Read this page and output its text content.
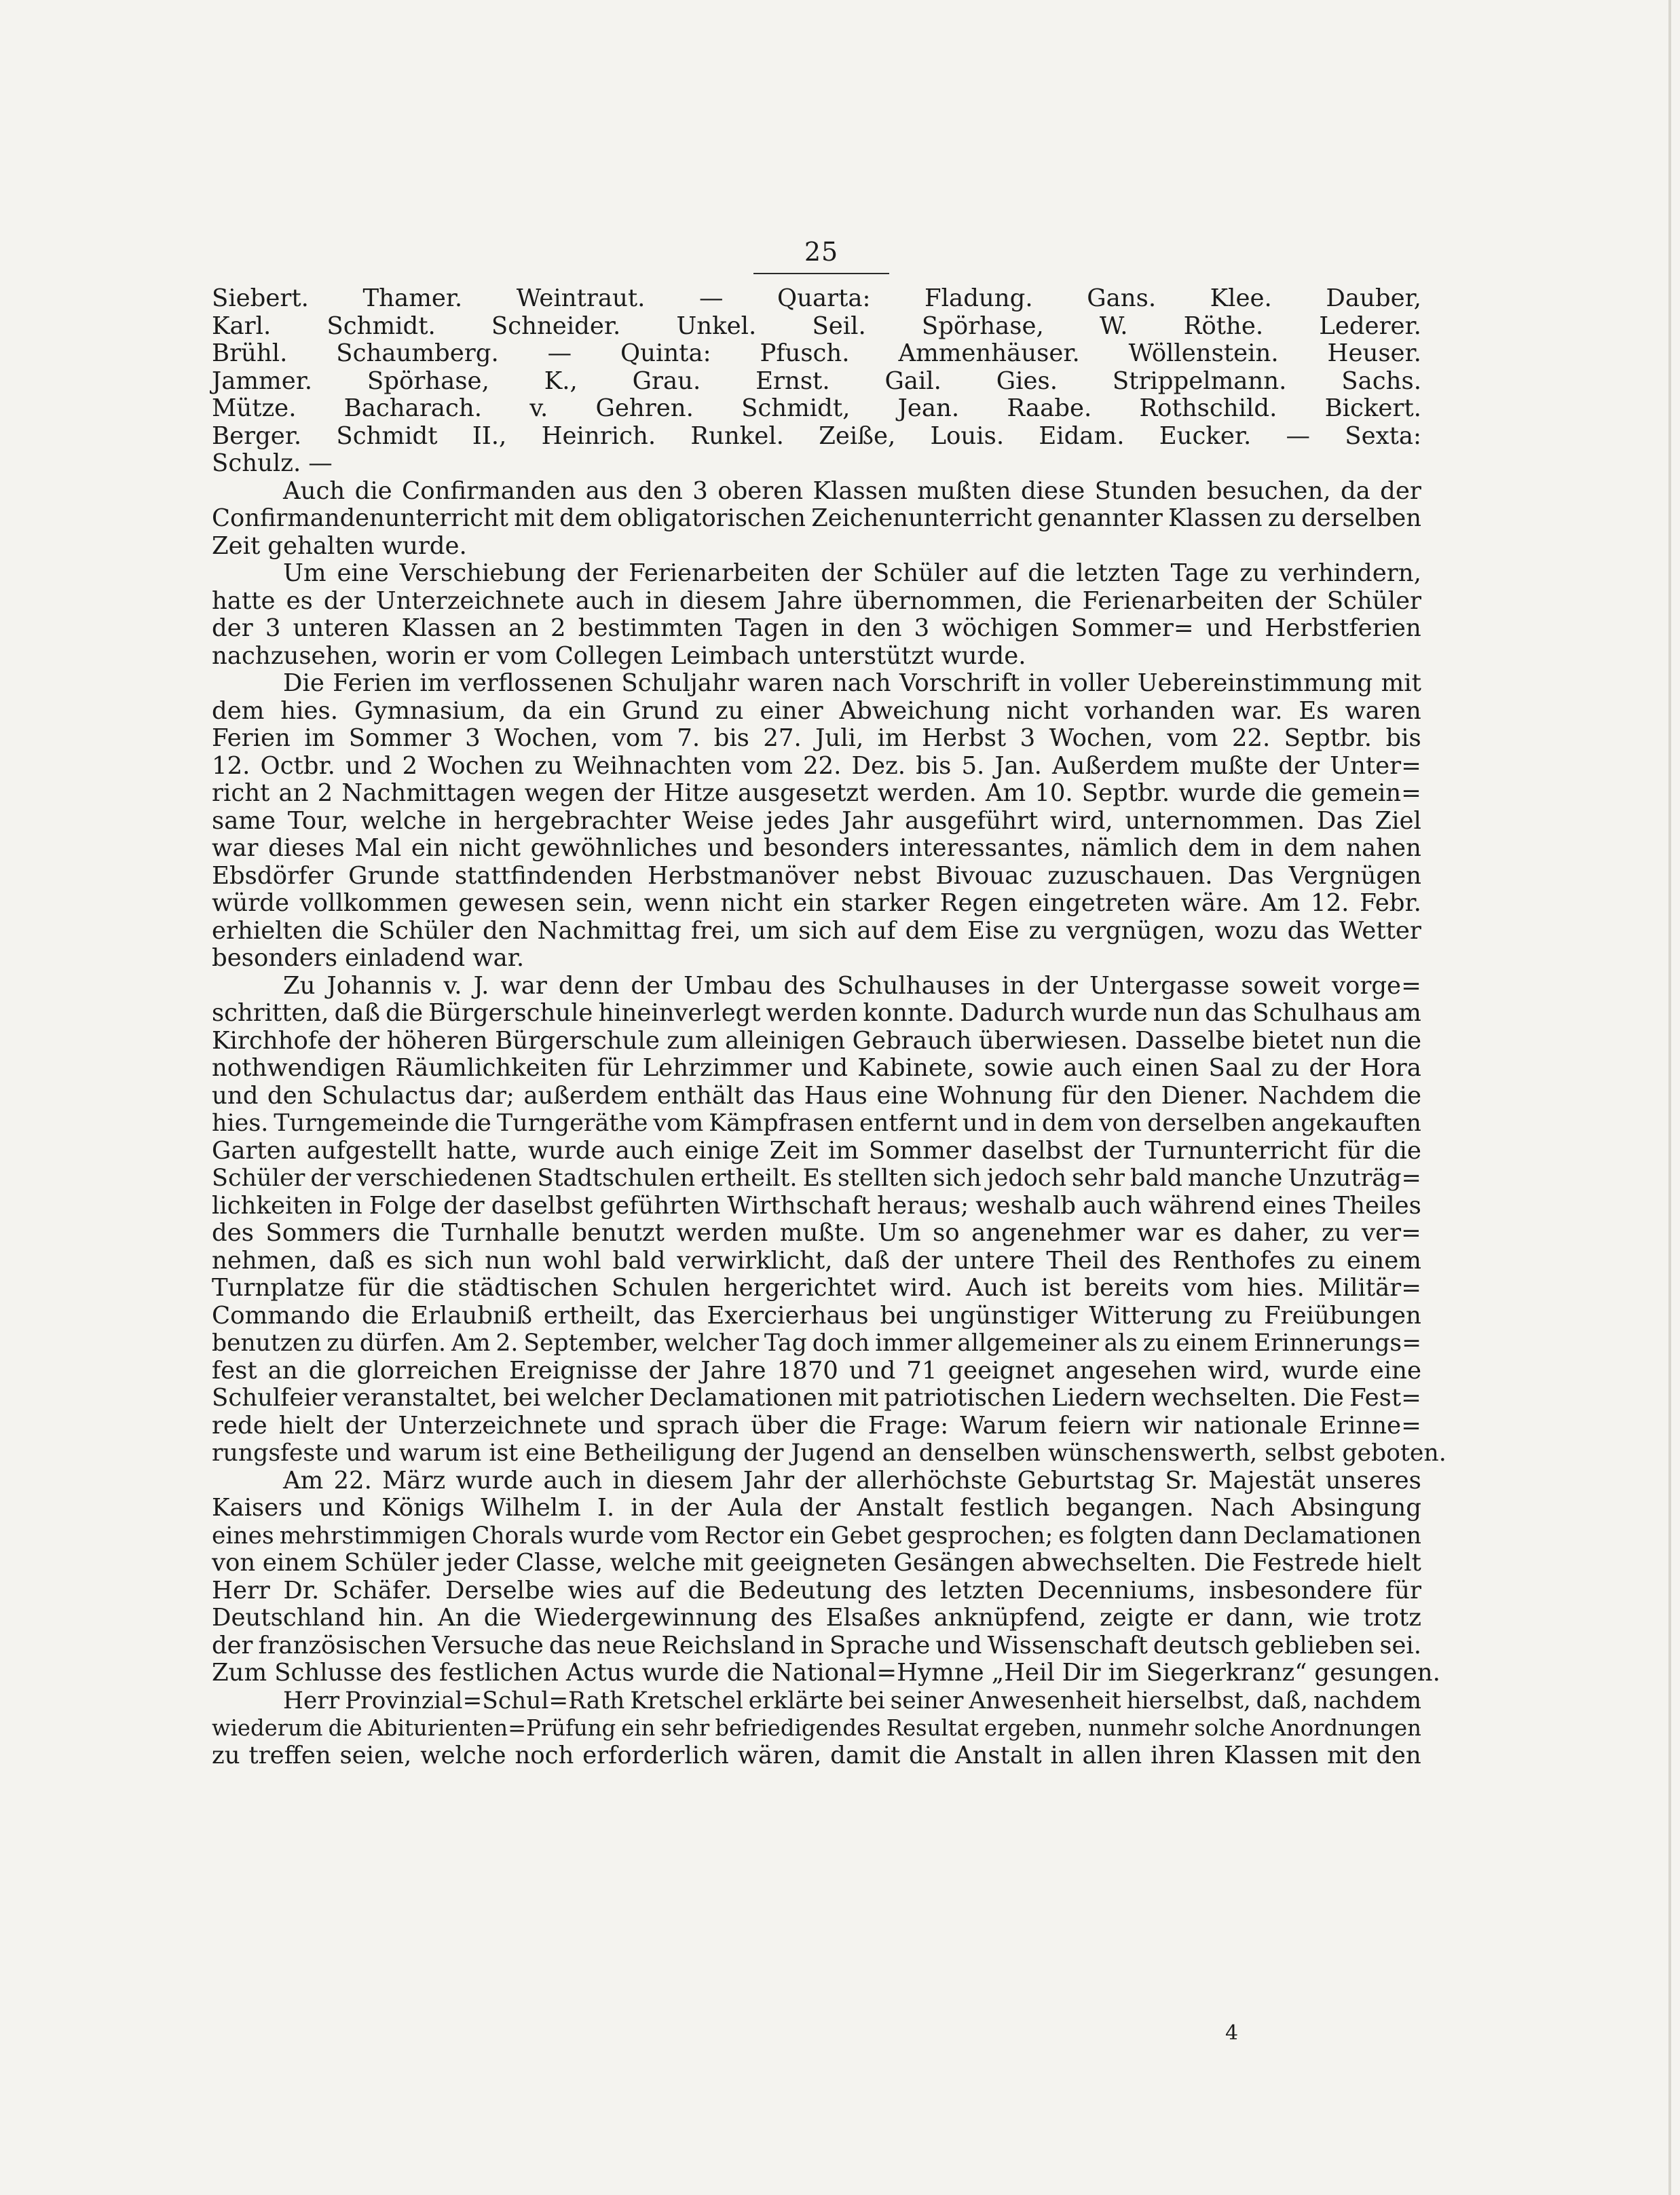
25
Siebert. Thamer. Weintraut. — Quarta: Fladung. Gans. Klee. Dauber,
Karl. Schmidt. Schneider. Unkel. Seil. Spörhase, W. Röthe. Lederer.
Brühl. Schaumberg. — Quinta: Pfusch. Ammenhäuser. Wöllenstein. Heuser.
Jammer. Spörhase, K., Grau. Ernst. Gail. Gies. Strippelmann. Sachs.
Mütze. Bacharach. v. Gehren. Schmidt, Jean. Raabe. Rothschild. Bickert.
Berger. Schmidt II., Heinrich. Runkel. Zeiße, Louis. Eidam. Eucker. — Sexta:
Schulz. —
Auch die Confirmanden aus den 3 oberen Klassen mußten diese Stunden besuchen, da der
Confirmandenunterricht mit dem obligatorischen Zeichenunterricht genannter Klassen zu derselben
Zeit gehalten wurde.
Um eine Verschiebung der Ferienarbeiten der Schüler auf die letzten Tage zu verhindern,
hatte es der Unterzeichnete auch in diesem Jahre übernommen, die Ferienarbeiten der Schüler
der 3 unteren Klassen an 2 bestimmten Tagen in den 3 wöchigen Sommer= und Herbstferien
nachzusehen, worin er vom Collegen Leimbach unterstützt wurde.
Die Ferien im verflossenen Schuljahr waren nach Vorschrift in voller Uebereinstimmung mit
dem hies. Gymnasium, da ein Grund zu einer Abweichung nicht vorhanden war. Es waren
Ferien im Sommer 3 Wochen, vom 7. bis 27. Juli, im Herbst 3 Wochen, vom 22. Septbr. bis
12. Octbr. und 2 Wochen zu Weihnachten vom 22. Dez. bis 5. Jan. Außerdem mußte der Unter=
richt an 2 Nachmittagen wegen der Hitze ausgesetzt werden. Am 10. Septbr. wurde die gemein=
same Tour, welche in hergebrachter Weise jedes Jahr ausgeführt wird, unternommen. Das Ziel
war dieses Mal ein nicht gewöhnliches und besonders interessantes, nämlich dem in dem nahen
Ebsdörfer Grunde stattfindenden Herbstmanöver nebst Bivouac zuzuschauen. Das Vergnügen
würde vollkommen gewesen sein, wenn nicht ein starker Regen eingetreten wäre. Am 12. Febr.
erhielten die Schüler den Nachmittag frei, um sich auf dem Eise zu vergnügen, wozu das Wetter
besonders einladend war.
Zu Johannis v. J. war denn der Umbau des Schulhauses in der Untergasse soweit vorge=
schritten, daß die Bürgerschule hineinverlegt werden konnte. Dadurch wurde nun das Schulhaus am
Kirchhofe der höheren Bürgerschule zum alleinigen Gebrauch überwiesen. Dasselbe bietet nun die
nothwendigen Räumlichkeiten für Lehrzimmer und Kabinete, sowie auch einen Saal zu der Hora
und den Schulactus dar; außerdem enthält das Haus eine Wohnung für den Diener. Nachdem die
hies. Turngemeinde die Turngeräthe vom Kämpfrasen entfernt und in dem von derselben angekauften
Garten aufgestellt hatte, wurde auch einige Zeit im Sommer daselbst der Turnunterricht für die
Schüler der verschiedenen Stadtschulen ertheilt. Es stellten sich jedoch sehr bald manche Unzuträg=
lichkeiten in Folge der daselbst geführten Wirthschaft heraus; weshalb auch während eines Theiles
des Sommers die Turnhalle benutzt werden mußte. Um so angenehmer war es daher, zu ver=
nehmen, daß es sich nun wohl bald verwirklicht, daß der untere Theil des Renthofes zu einem
Turnplatze für die städtischen Schulen hergerichtet wird. Auch ist bereits vom hies. Militär=
Commando die Erlaubniß ertheilt, das Exercierhaus bei ungünstiger Witterung zu Freiübungen
benutzen zu dürfen. Am 2. September, welcher Tag doch immer allgemeiner als zu einem Erinnerungs=
fest an die glorreichen Ereignisse der Jahre 1870 und 71 geeignet angesehen wird, wurde eine
Schulfeier veranstaltet, bei welcher Declamationen mit patriotischen Liedern wechselten. Die Fest=
rede hielt der Unterzeichnete und sprach über die Frage: Warum feiern wir nationale Erinne=
rungsfeste und warum ist eine Betheiligung der Jugend an denselben wünschenswerth, selbst geboten.
Am 22. März wurde auch in diesem Jahr der allerhöchste Geburtstag Sr. Majestät unseres
Kaisers und Königs Wilhelm I. in der Aula der Anstalt festlich begangen. Nach Absingung
eines mehrstimmigen Chorals wurde vom Rector ein Gebet gesprochen; es folgten dann Declamationen
von einem Schüler jeder Classe, welche mit geeigneten Gesängen abwechselten. Die Festrede hielt
Herr Dr. Schäfer. Derselbe wies auf die Bedeutung des letzten Decenniums, insbesondere für
Deutschland hin. An die Wiedergewinnung des Elsaßes anknüpfend, zeigte er dann, wie trotz
der französischen Versuche das neue Reichsland in Sprache und Wissenschaft deutsch geblieben sei.
Zum Schlusse des festlichen Actus wurde die National=Hymne „Heil Dir im Siegerkranz“ gesungen.
Herr Provinzial=Schul=Rath Kretschel erklärte bei seiner Anwesenheit hierselbst, daß, nachdem
wiederum die Abiturienten=Prüfung ein sehr befriedigendes Resultat ergeben, nunmehr solche Anordnungen
zu treffen seien, welche noch erforderlich wären, damit die Anstalt in allen ihren Klassen mit den
4
